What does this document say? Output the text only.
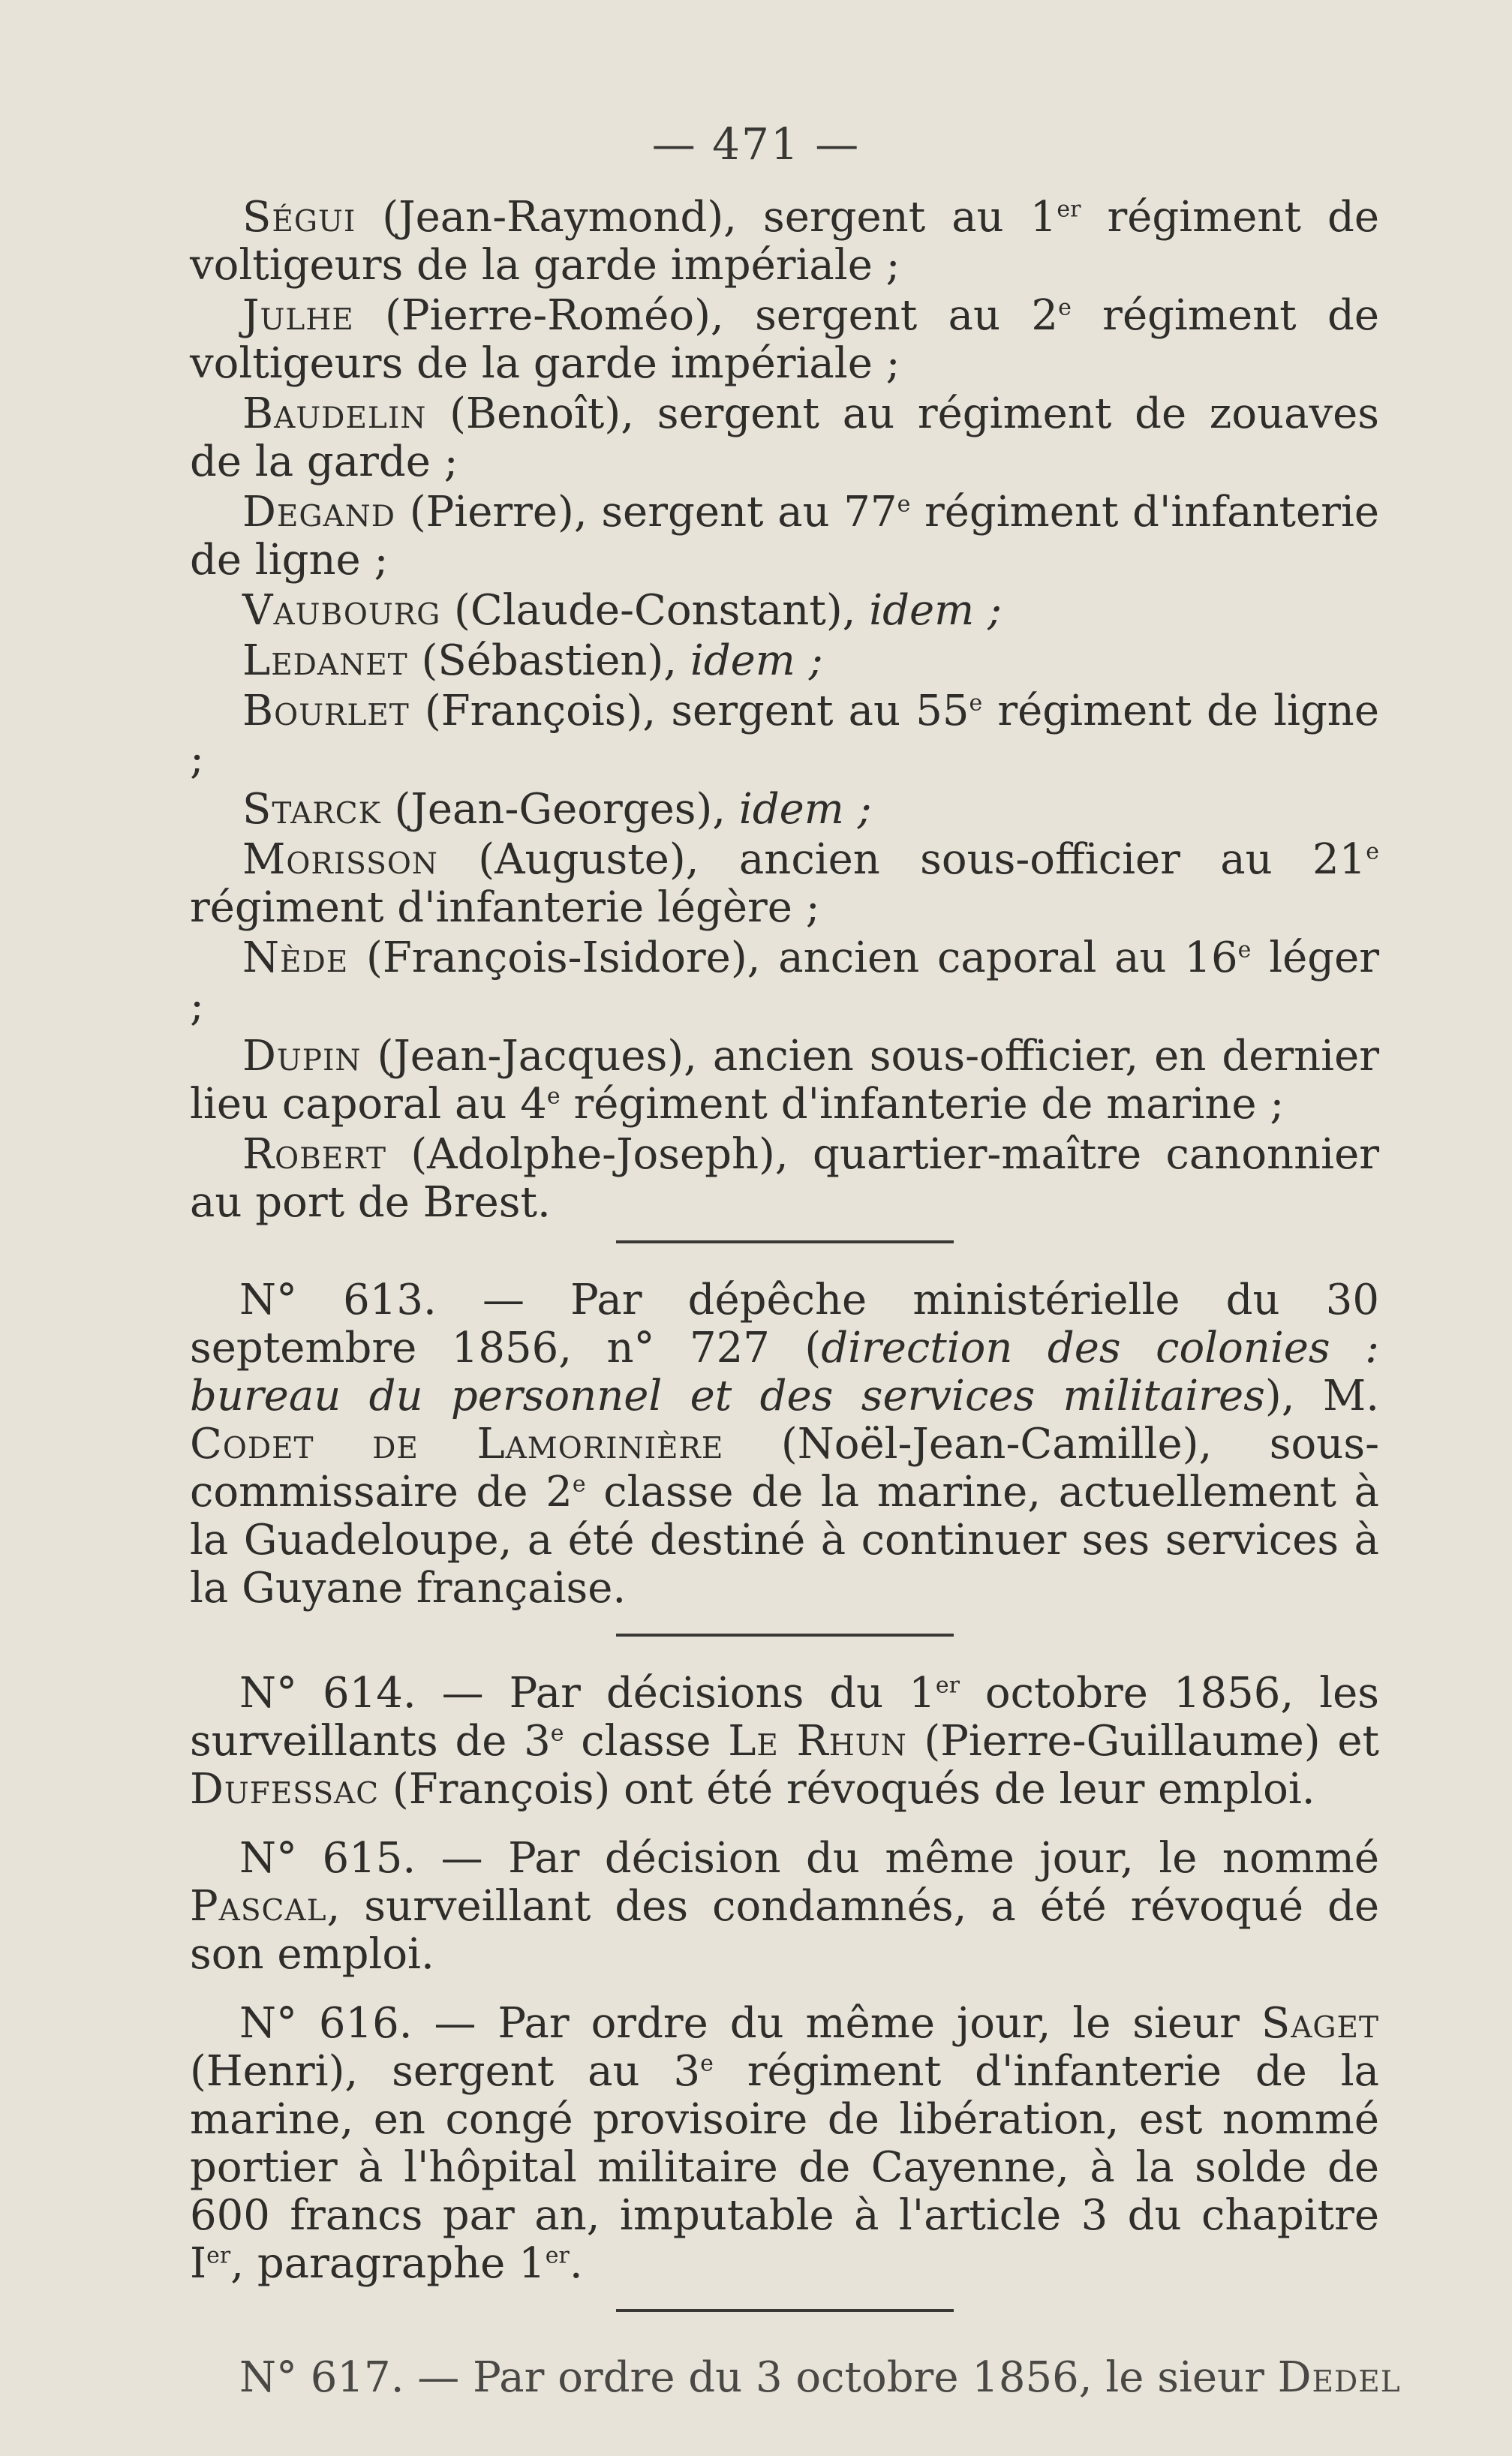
— 471 —

Ségui (Jean-Raymond), sergent au 1er régiment de voltigeurs de la garde impériale ;

Julhe (Pierre-Roméo), sergent au 2e régiment de voltigeurs de la garde impériale ;

Baudelin (Benoît), sergent au régiment de zouaves de la garde ;

Degand (Pierre), sergent au 77e régiment d'infanterie de ligne ;

Vaubourg (Claude-Constant), idem ;

Ledanet (Sébastien), idem ;

Bourlet (François), sergent au 55e régiment de ligne ;

Starck (Jean-Georges), idem ;

Morisson (Auguste), ancien sous-officier au 21e régiment d'infanterie légère ;

Nède (François-Isidore), ancien caporal au 16e léger ;

Dupin (Jean-Jacques), ancien sous-officier, en dernier lieu caporal au 4e régiment d'infanterie de marine ;

Robert (Adolphe-Joseph), quartier-maître canonnier au port de Brest.

N° 613. — Par dépêche ministérielle du 30 septembre 1856, n° 727 (direction des colonies : bureau du personnel et des services militaires), M. Codet de Lamorinière (Noël-Jean-Camille), sous-commissaire de 2e classe de la marine, actuellement à la Guadeloupe, a été destiné à continuer ses services à la Guyane française.

N° 614. — Par décisions du 1er octobre 1856, les surveillants de 3e classe Le Rhun (Pierre-Guillaume) et Dufessac (François) ont été révoqués de leur emploi.

N° 615. — Par décision du même jour, le nommé Pascal, surveillant des condamnés, a été révoqué de son emploi.

N° 616. — Par ordre du même jour, le sieur Saget (Henri), sergent au 3e régiment d'infanterie de la marine, en congé provisoire de libération, est nommé portier à l'hôpital militaire de Cayenne, à la solde de 600 francs par an, imputable à l'article 3 du chapitre Ier, paragraphe 1er.

N° 617. — Par ordre du 3 octobre 1856, le sieur Dedel
